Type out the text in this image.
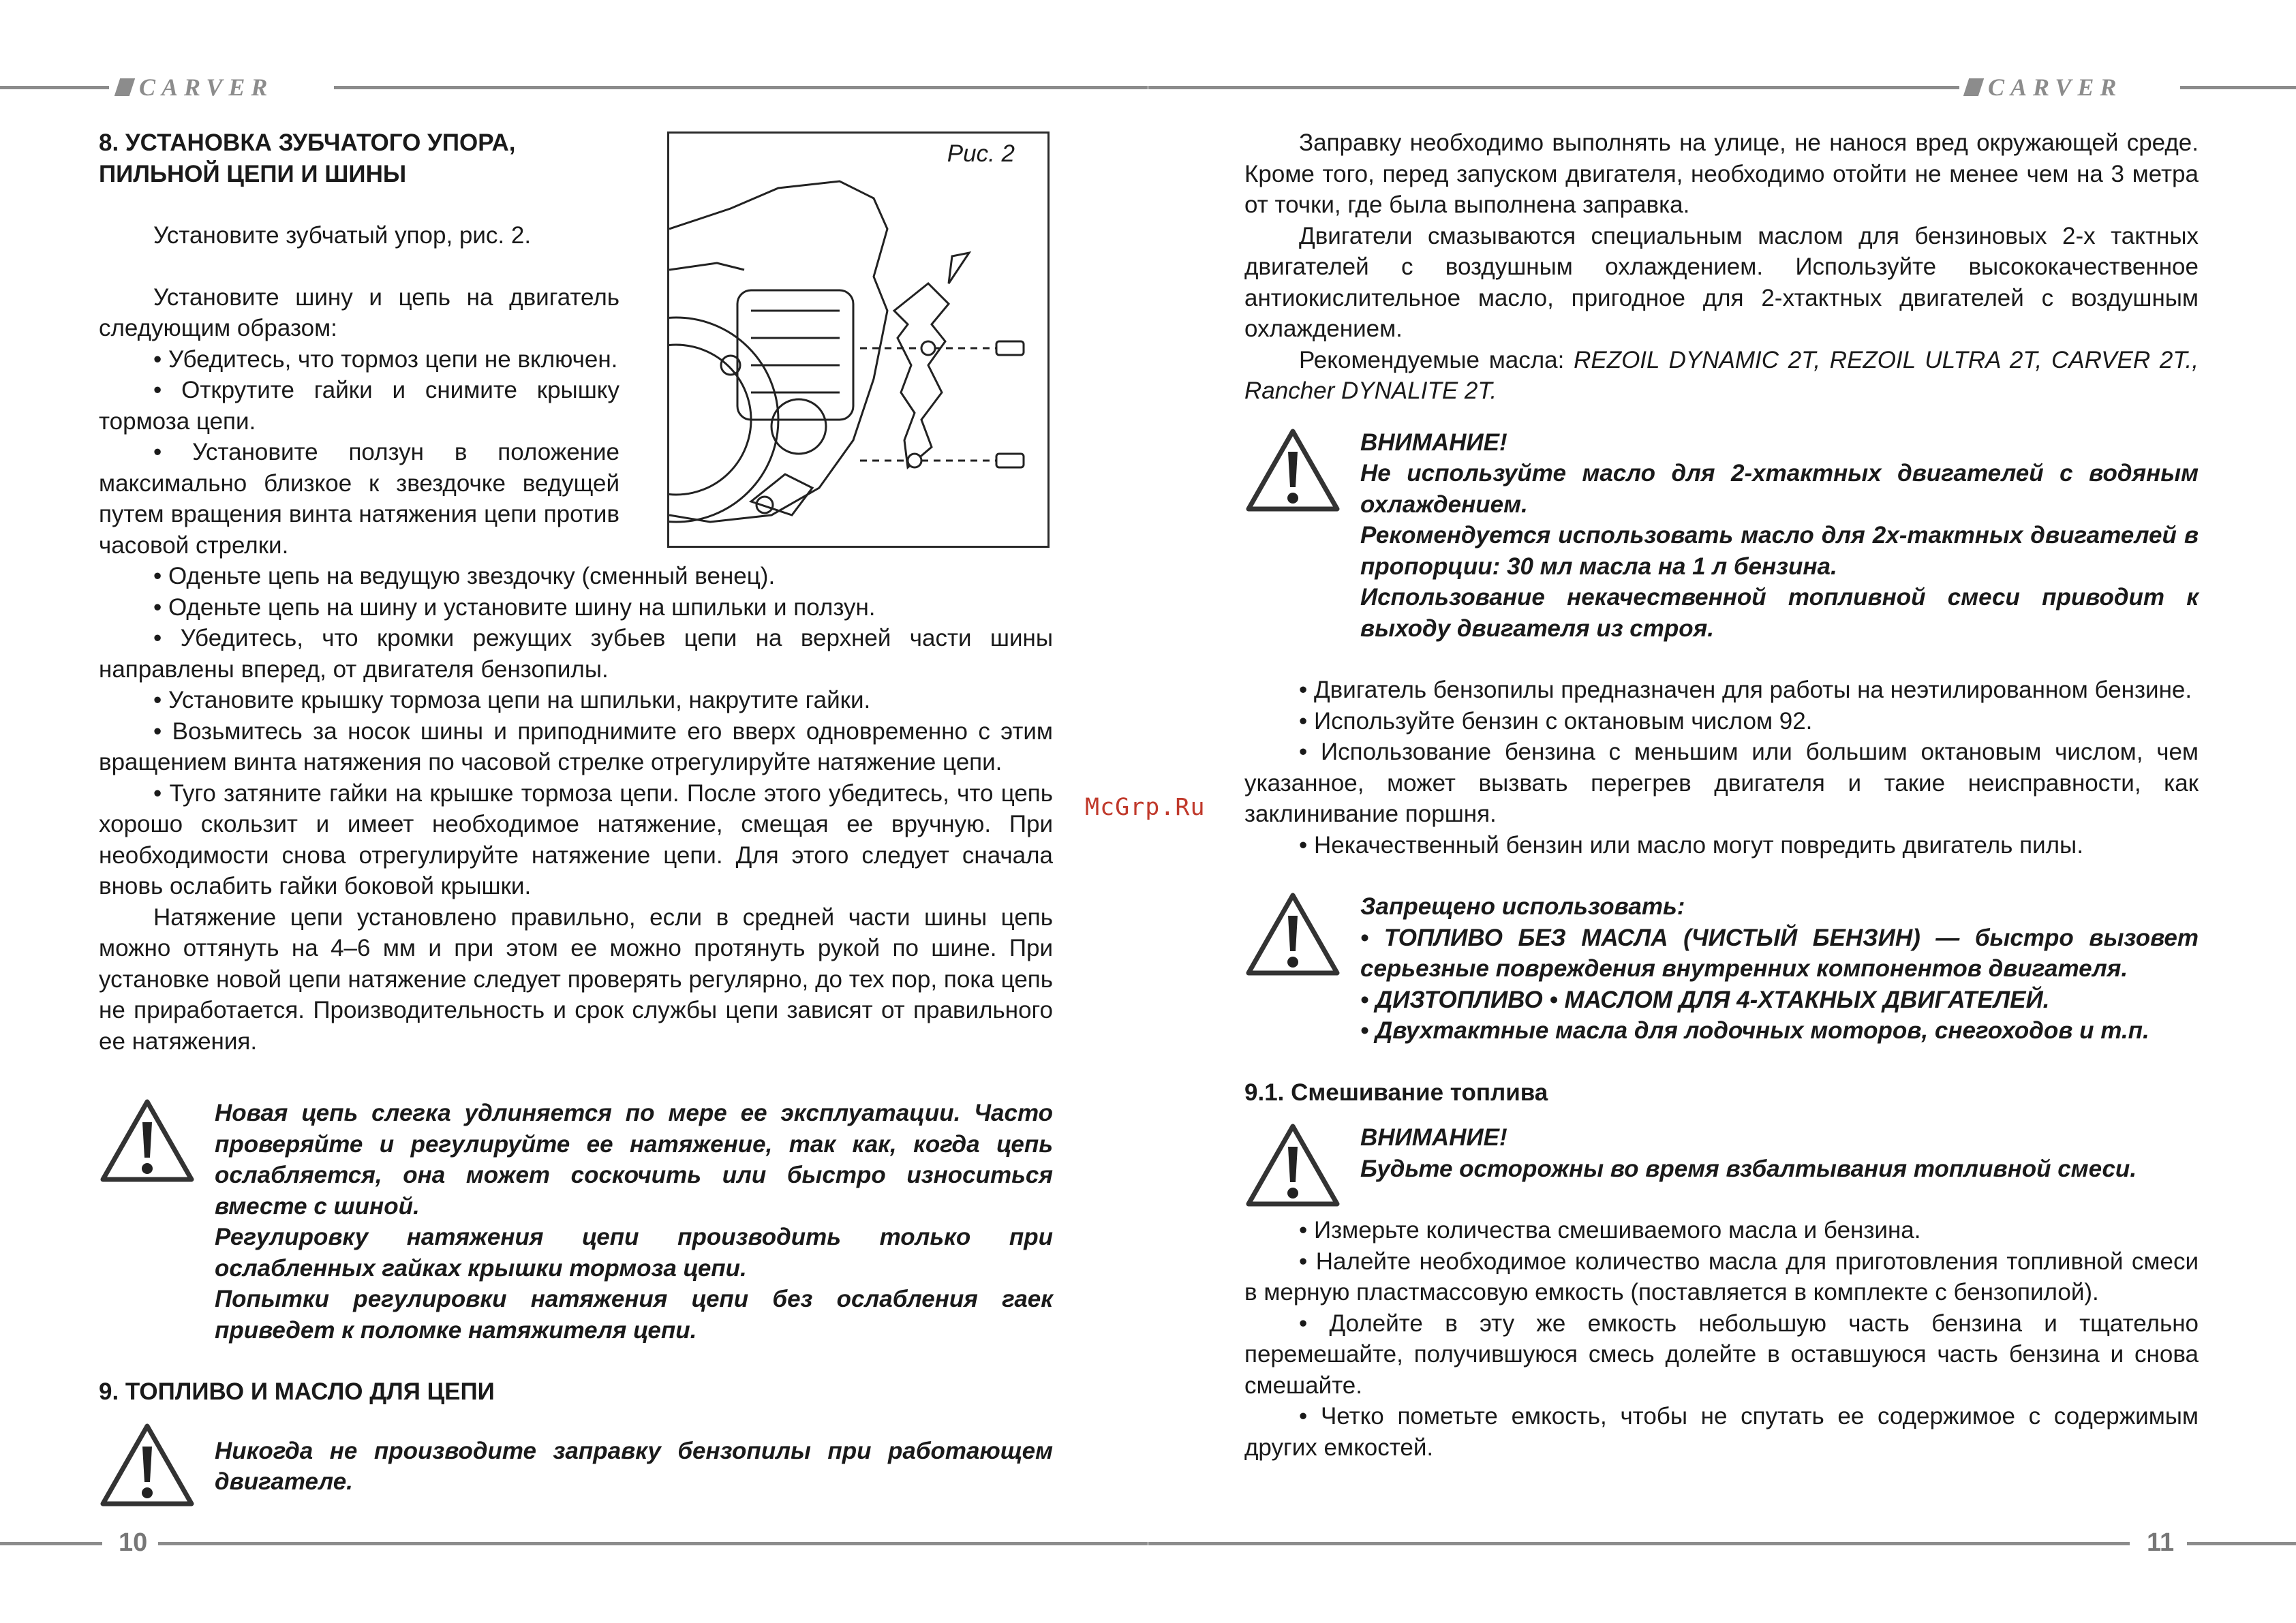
CARVER
Рис. 2
8. УСТАНОВКА ЗУБЧАТОГО УПОРА,
ПИЛЬНОЙ ЦЕПИ И ШИНЫ

Установите зубчатый упор, рис. 2.

Установите шину и цепь на двигатель следующим образом:

• Убедитесь, что тормоз цепи не включен.

• Открутите гайки и снимите крышку тормоза цепи.

• Установите ползун в положение максимально близкое к звездочке ведущей путем вращения винта натяжения цепи против часовой стрелки.

• Оденьте цепь на ведущую звездочку (сменный венец).

• Оденьте цепь на шину и установите шину на шпильки и ползун.

• Убедитесь, что кромки режущих зубьев цепи на верхней части шины направлены вперед, от двигателя бензопилы.

• Установите крышку тормоза цепи на шпильки, накрутите гайки.

• Возьмитесь за носок шины и приподнимите его вверх одновременно с этим вращением винта натяжения по часовой стрелке отрегулируйте натяжение цепи.

• Туго затяните гайки на крышке тормоза цепи. После этого убедитесь, что цепь хорошо скользит и имеет необходимое натяжение, смещая ее вручную. При необходимости снова отрегулируйте натяжение цепи. Для этого следует сначала вновь ослабить гайки боковой крышки.

Натяжение цепи установлено правильно, если в средней части шины цепь можно оттянуть на 4–6 мм и при этом ее можно протянуть рукой по шине. При установке новой цепи натяжение следует проверять регулярно, до тех пор, пока цепь не приработается. Производительность и срок службы цепи зависят от правильного ее натяжения.

Новая цепь слегка удлиняется по мере ее эксплуатации. Часто проверяйте и регулируйте ее натяжение, так как, когда цепь ослабляется, она может соскочить или быстро износиться вместе с шиной.

Регулировку натяжения цепи производить только при ослабленных гайках крышки тормоза цепи.

Попытки регулировки натяжения цепи без ослабления гаек приведет к поломке натяжителя цепи.

9. ТОПЛИВО И МАСЛО ДЛЯ ЦЕПИ

Никогда не производите заправку бензопилы при работающем двигателе.

10
McGrp.Ru
CARVER

Заправку необходимо выполнять на улице, не нанося вред окружающей среде. Кроме того, перед запуском двигателя, необходимо отойти не менее чем на 3 метра от точки, где была выполнена заправка.

Двигатели смазываются специальным маслом для бензиновых 2-х тактных двигателей с воздушным охлаждением. Используйте высококачественное антиокислительное масло, пригодное для 2-хтактных двигателей с воздушным охлаждением.

Рекомендуемые масла: REZOIL DYNAMIC 2T, REZOIL ULTRA 2T, CARVER 2T., Rancher DYNALITE 2T.

ВНИМАНИЕ!

Не используйте масло для 2-хтактных двигателей с водяным охлаждением.

Рекомендуется использовать масло для 2х-тактных двигателей в пропорции: 30 мл масла на 1 л бензина.

Использование некачественной топливной смеси приводит к выходу двигателя из строя.

• Двигатель бензопилы предназначен для работы на неэтилированном бензине.

• Используйте бензин с октановым числом 92.

• Использование бензина с меньшим или большим октановым числом, чем указанное, может вызвать перегрев двигателя и такие неисправности, как заклинивание поршня.

• Некачественный бензин или масло могут повредить двигатель пилы.

Запрещено использовать:

• ТОПЛИВО БЕЗ МАСЛА (ЧИСТЫЙ БЕНЗИН) — быстро вызовет серьезные повреждения внутренних компонентов двигателя.

• ДИЗТОПЛИВО • МАСЛОМ ДЛЯ 4-ХТАКНЫХ ДВИГАТЕЛЕЙ.

• Двухтактные масла для лодочных моторов, снегоходов и т.п.

9.1. Смешивание топлива

ВНИМАНИЕ!

Будьте осторожны во время взбалтывания топливной смеси.

• Измерьте количества смешиваемого масла и бензина.

• Налейте необходимое количество масла для приготовления топливной смеси в мерную пластмассовую емкость (поставляется в комплекте с бензопилой).

• Долейте в эту же емкость небольшую часть бензина и тщательно перемешайте, получившуюся смесь долейте в оставшуюся часть бензина и снова смешайте.

• Четко пометьте емкость, чтобы не спутать ее содержимое с содержимым других емкостей.

11
